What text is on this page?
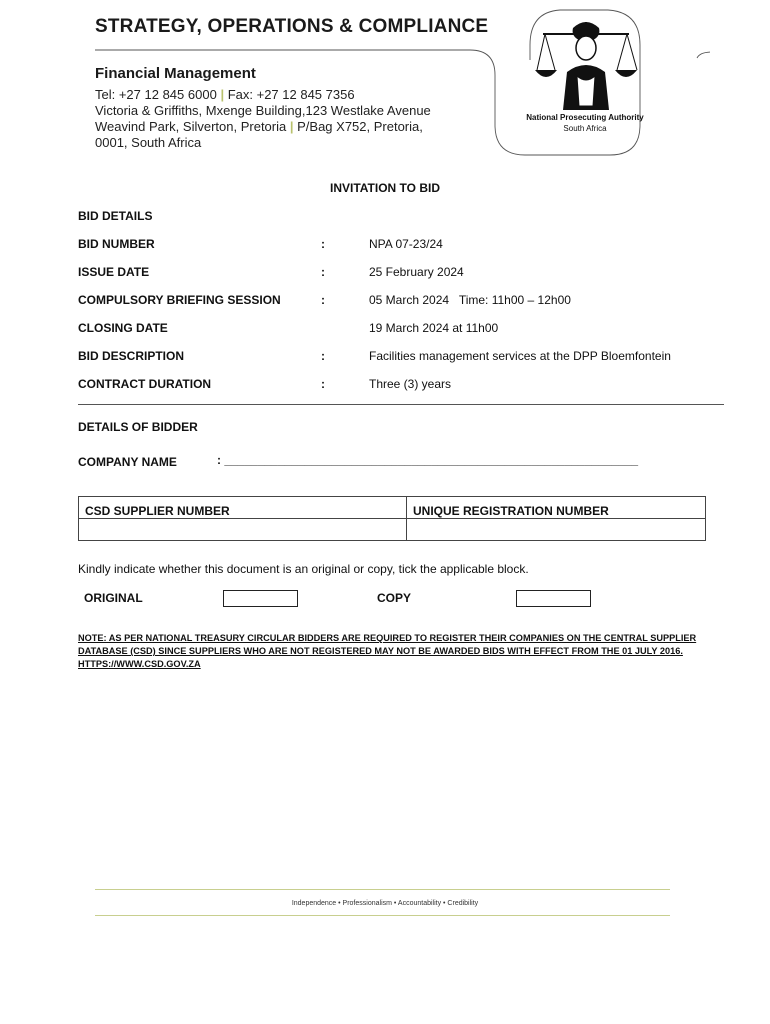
STRATEGY, OPERATIONS & COMPLIANCE
Financial Management
Tel: +27 12 845 6000 | Fax: +27 12 845 7356
Victoria & Griffiths, Mxenge Building,123 Westlake Avenue
Weavind Park, Silverton, Pretoria | P/Bag X752, Pretoria,
0001, South Africa
National Prosecuting Authority
South Africa
INVITATION TO BID
BID DETAILS
BID NUMBER	:	NPA 07-23/24
ISSUE DATE	:	25 February 2024
COMPULSORY BRIEFING SESSION	:	05 March 2024   Time: 11h00 – 12h00
CLOSING DATE	19 March 2024 at 11h00
BID DESCRIPTION	:	Facilities management services at the DPP Bloemfontein
CONTRACT DURATION	:	Three (3) years
DETAILS OF BIDDER
COMPANY NAME	: ______________________________________________________________
CSD SUPPLIER NUMBER	UNIQUE REGISTRATION NUMBER

Kindly indicate whether this document is an original or copy, tick the applicable block.
ORIGINAL	COPY
NOTE: AS PER NATIONAL TREASURY CIRCULAR BIDDERS ARE REQUIRED TO REGISTER THEIR COMPANIES ON THE CENTRAL SUPPLIER DATABASE (CSD) SINCE SUPPLIERS WHO ARE NOT REGISTERED MAY NOT BE AWARDED BIDS WITH EFFECT FROM THE 01 JULY 2016. HTTPS://WWW.CSD.GOV.ZA
Independence • Professionalism • Accountability • Credibility
